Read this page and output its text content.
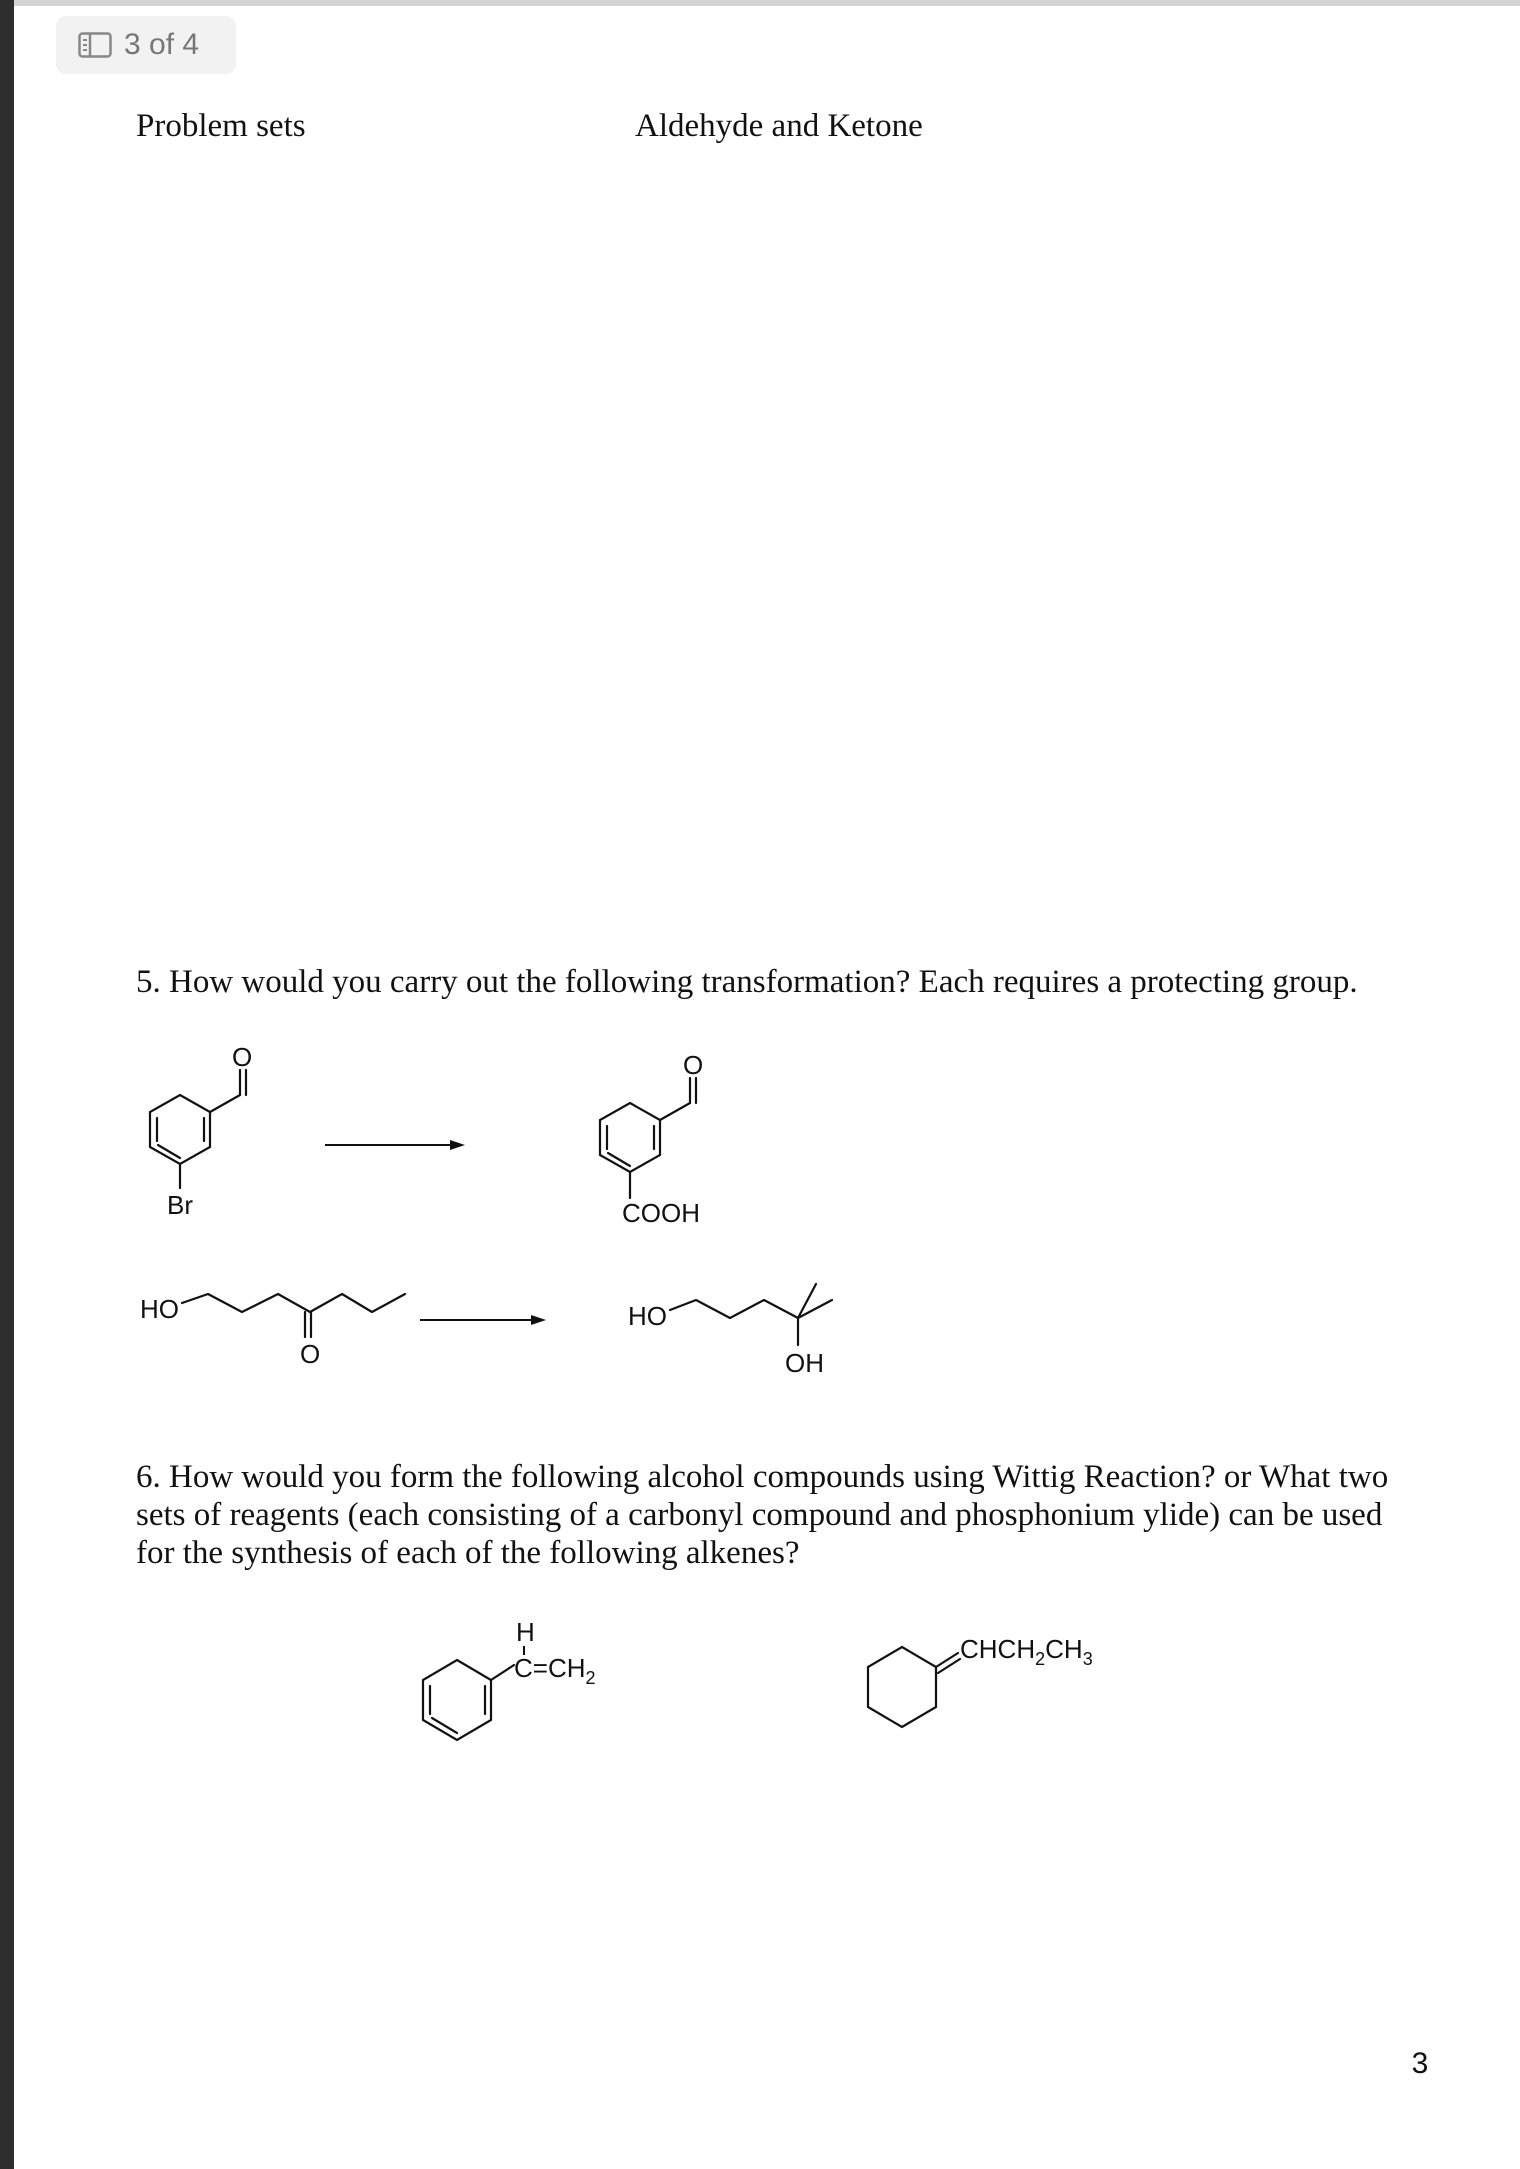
3 of 4
Problem sets	Aldehyde and Ketone
5. How would you carry out the following transformation? Each requires a protecting group.
O
Br
O
COOH
HO
O
HO
OH
6. How would you form the following alcohol compounds using Wittig Reaction? or What two sets of reagents (each consisting of a carbonyl compound and phosphonium ylide) can be used for the synthesis of each of the following alkenes?
H
$C=CH_2$
$CHCH_2CH_3$
3
